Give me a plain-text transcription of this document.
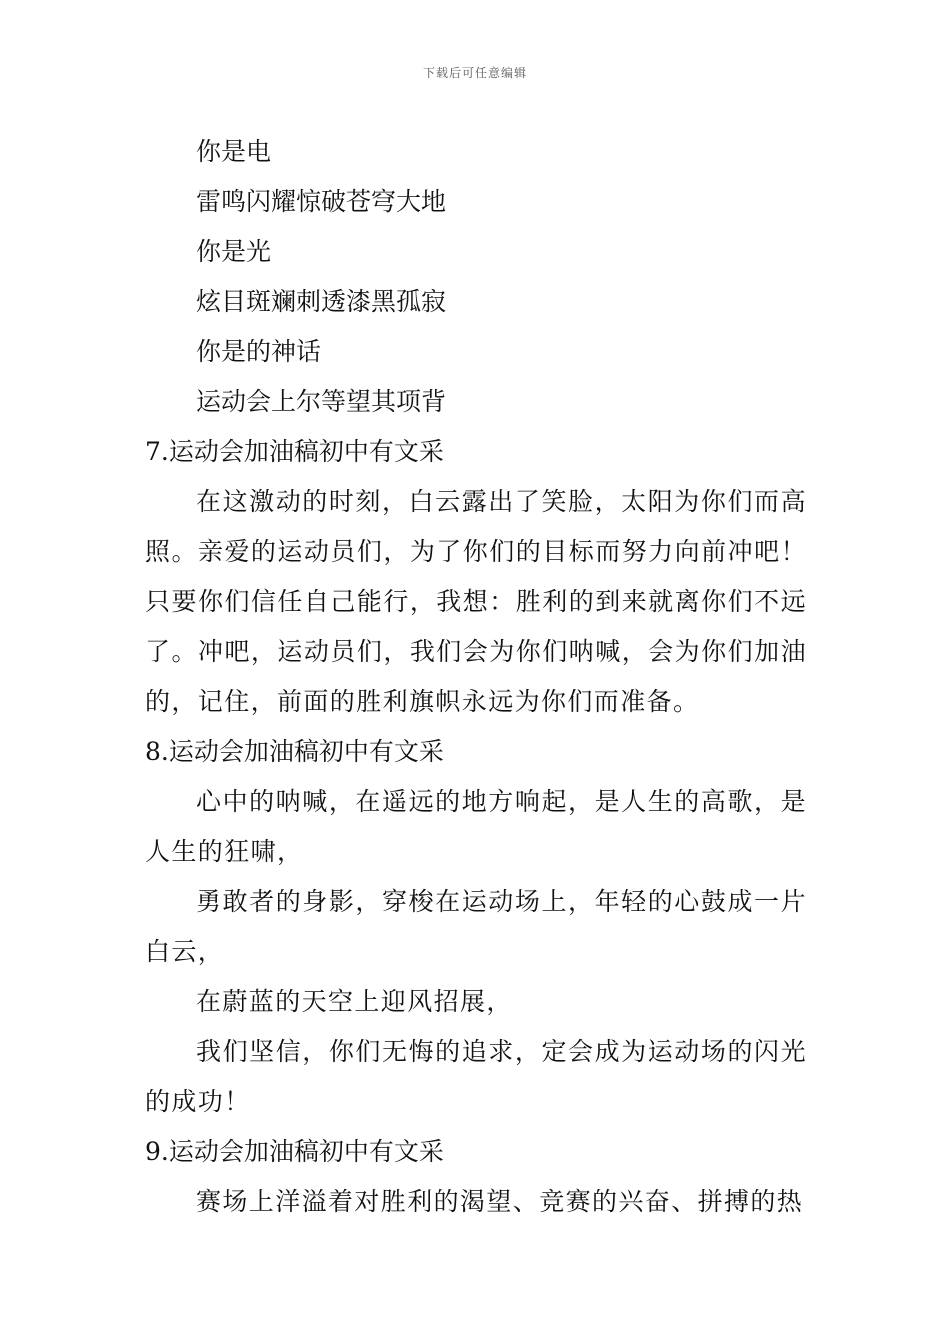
下载后可任意编辑

你是电

雷鸣闪耀惊破苍穹大地

你是光

炫目斑斓刺透漆黑孤寂

你是的神话

运动会上尔等望其项背

7.运动会加油稿初中有文采

在这激动的时刻，白云露出了笑脸，太阳为你们而高照。亲爱的运动员们，为了你们的目标而努力向前冲吧！只要你们信任自己能行，我想：胜利的到来就离你们不远了。冲吧，运动员们，我们会为你们呐喊，会为你们加油的，记住，前面的胜利旗帜永远为你们而准备。

8.运动会加油稿初中有文采

心中的呐喊，在遥远的地方响起，是人生的高歌，是人生的狂啸，

勇敢者的身影，穿梭在运动场上，年轻的心鼓成一片白云，

在蔚蓝的天空上迎风招展，

我们坚信，你们无悔的追求，定会成为运动场的闪光的成功！

9.运动会加油稿初中有文采

赛场上洋溢着对胜利的渴望、竞赛的兴奋、拼搏的热
